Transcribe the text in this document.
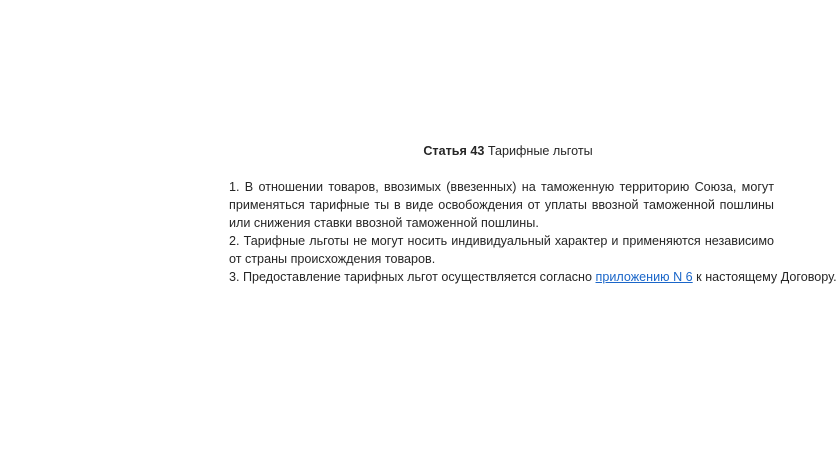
Статья 43 Тарифные льготы

1. В отношении товаров, ввозимых (ввезенных) на таможенную территорию Союза, могут применяться тарифные ты в виде освобождения от уплаты ввозной таможенной пошлины или снижения ставки ввозной таможенной пошлины.

2. Тарифные льготы не могут носить индивидуальный характер и применяются независимо от страны происхождения товаров.

3. Предоставление тарифных льгот осуществляется согласно приложению N 6 к настоящему Договору.
